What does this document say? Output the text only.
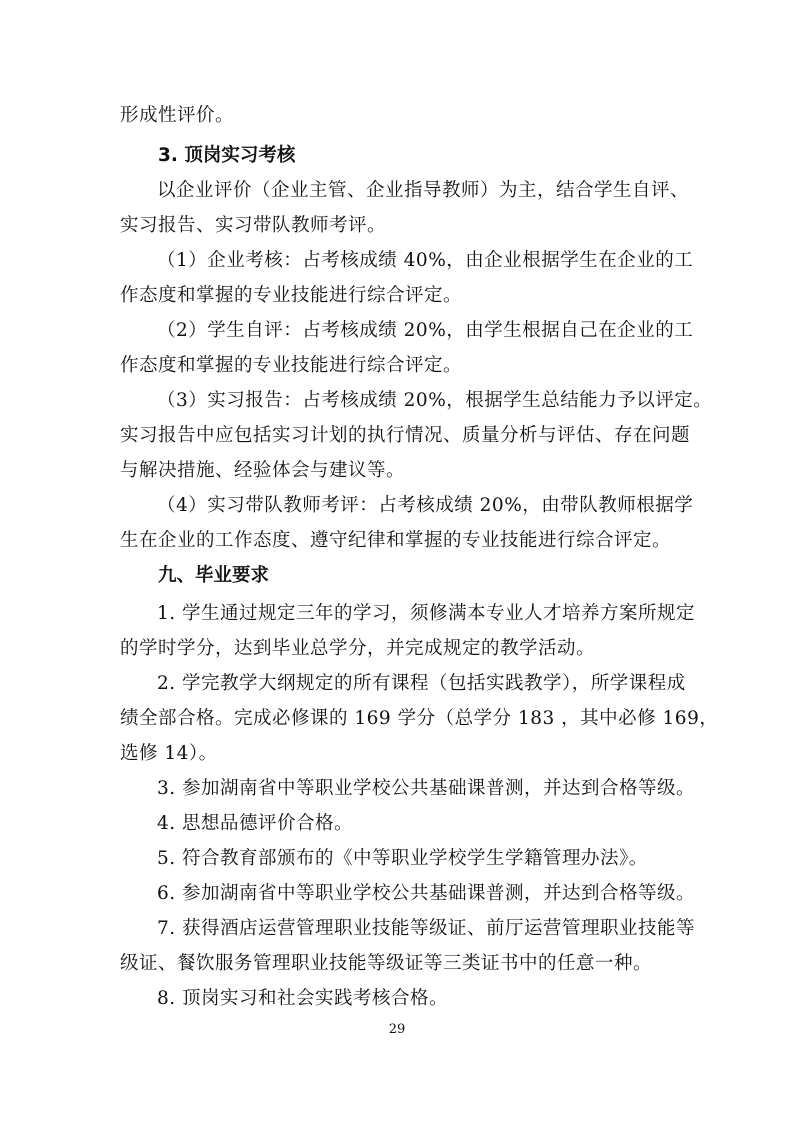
形成性评价。
3. 顶岗实习考核
以企业评价（企业主管、企业指导教师）为主，结合学生自评、
实习报告、实习带队教师考评。
（1）企业考核：占考核成绩 40%，由企业根据学生在企业的工
作态度和掌握的专业技能进行综合评定。
（2）学生自评：占考核成绩 20%，由学生根据自己在企业的工
作态度和掌握的专业技能进行综合评定。
（3）实习报告：占考核成绩 20%，根据学生总结能力予以评定。
实习报告中应包括实习计划的执行情况、质量分析与评估、存在问题
与解决措施、经验体会与建议等。
（4）实习带队教师考评：占考核成绩 20%，由带队教师根据学
生在企业的工作态度、遵守纪律和掌握的专业技能进行综合评定。
九、毕业要求
1. 学生通过规定三年的学习，须修满本专业人才培养方案所规定
的学时学分，达到毕业总学分，并完成规定的教学活动。
2. 学完教学大纲规定的所有课程（包括实践教学），所学课程成
绩全部合格。完成必修课的 169 学分（总学分 183 ，其中必修 169，
选修 14）。
3. 参加湖南省中等职业学校公共基础课普测，并达到合格等级。
4. 思想品德评价合格。
5. 符合教育部颁布的《中等职业学校学生学籍管理办法》。
6. 参加湖南省中等职业学校公共基础课普测，并达到合格等级。
7. 获得酒店运营管理职业技能等级证、前厅运营管理职业技能等
级证、餐饮服务管理职业技能等级证等三类证书中的任意一种。
8. 顶岗实习和社会实践考核合格。
29
